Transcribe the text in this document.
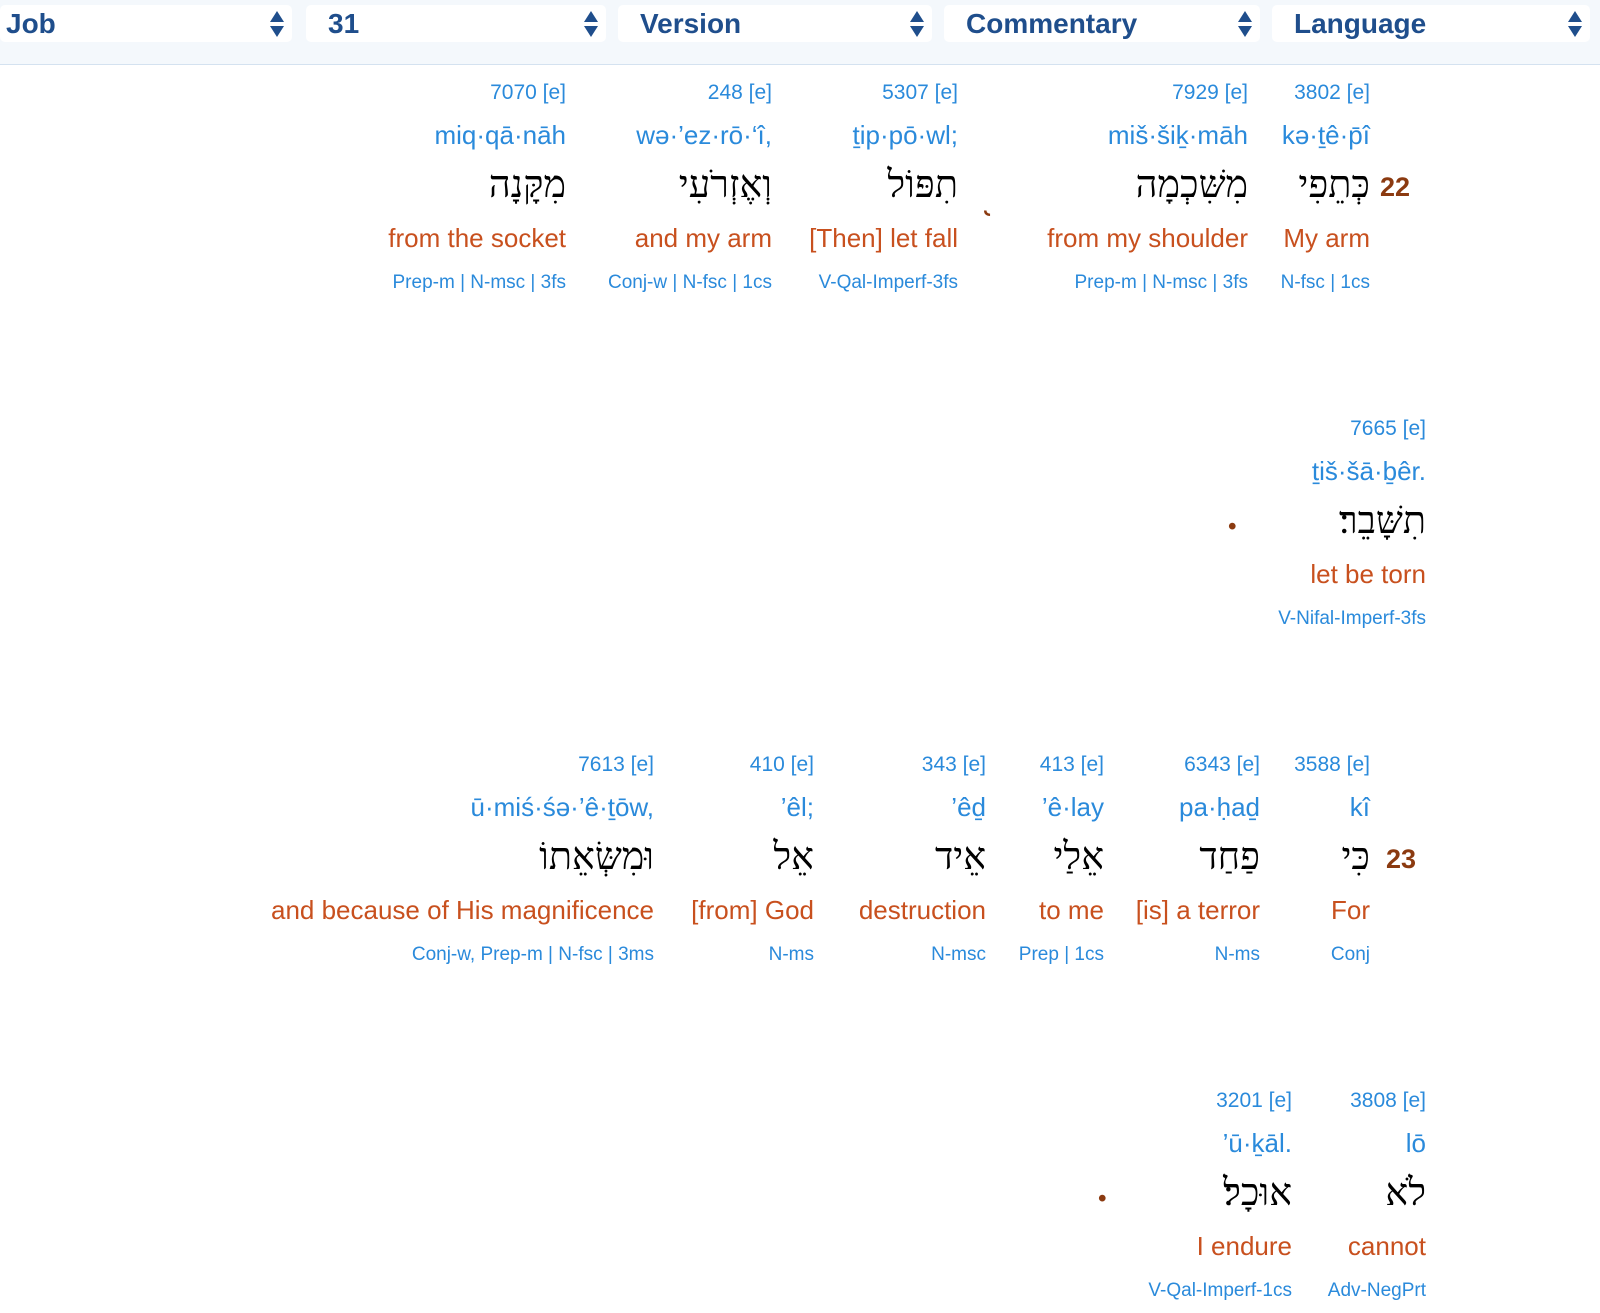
Job	31	Version	Commentary	Language
22
3802 [e]
kə·ṯê·p̄î
כְּתֵפִי
My arm
N-fsc | 1cs
7929 [e]
miš·šiḵ·māh
מִשִּׁכְמָה
from my shoulder
Prep-m | N-msc | 3fs
5307 [e]
ṯip·pō·wl;
תִפּוֹל
[Then] let fall
V-Qal-Imperf-3fs
248 [e]
wə·’ez·rō·‘î,
וְאֶזְרֹעִי
and my arm
Conj-w | N-fsc | 1cs
7070 [e]
miq·qā·nāh
מִקָּנָה
from the socket
Prep-m | N-msc | 3fs
7665 [e]
ṯiš·šā·ḇêr.
תִשָּׁבֵר׃
let be torn
V-Nifal-Imperf-3fs
.
23
3588 [e]
kî
כִּי
For
Conj
6343 [e]
pa·ḥaḏ
פַחַד
[is] a terror
N-ms
413 [e]
’ê·lay
אֵלַי
to me
Prep | 1cs
343 [e]
’êḏ
אֵיד
destruction
N-msc
410 [e]
’êl;
אֵל
[from] God
N-ms
7613 [e]
ū·miś·śə·’ê·ṯōw,
וּמִשְּׂאֵתוֹ
and because of His magnificence
Conj-w, Prep-m | N-fsc | 3ms
3808 [e]
lō
לֹא
cannot
Adv-NegPrt
3201 [e]
’ū·ḵāl.
אוּכָל׃
I endure
V-Qal-Imperf-1cs
.
